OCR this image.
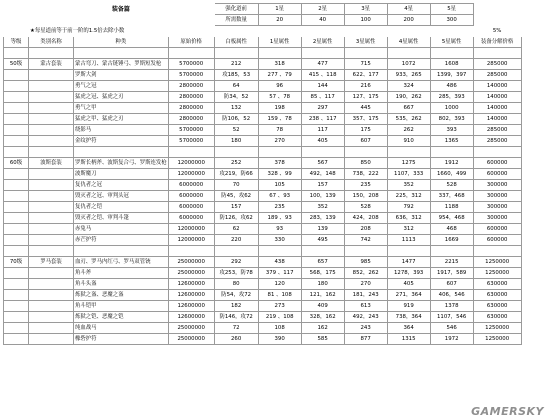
		装备篇		强化道前	1星	2星	3星	4星	5星	
				所需数量	20	40	100	200	300	
	★每星道前等于前一阶的1.5倍去除小数									5%
等级	类别名称	种类	原始价格	白板属性	1星属性	2星属性	3星属性	4星属性	5星属性	装备分解价格

50级	蒙古套装	蒙古弯刀、蒙古链锤弓、罗斯短发枪	5700000	212	318	477	715	1072	1608	285000
		罗斯大剑	5700000	攻185，53	277 、79	415 、118	622、177	933，265	1399，397	285000
		勇气之冠	2800000	64	96	144	216	324	486	140000
		猛虎之冠、猛虎之刃	2800000	防34，52	57 、78	85 、117	127、175	190，262	285，393	140000
		勇气之甲	2800000	132	198	297	445	667	1000	140000
		猛虎之甲、猛虎之刃	2800000	防106，52	159 、78	238 、117	357、175	535，262	802，393	140000
		绕影马	5700000	52	78	117	175	262	393	285000
		金纹护符	5700000	180	270	405	607	910	1365	285000

60级	波斯套装	罗斯长柄斧、波斯复合弓、罗斯连发枪	12000000	252	378	567	850	1275	1912	600000
		波斯魔刀	12000000	攻219，防66	328 、99	492，148	738，222	1107，333	1660，499	600000
		复仇者之冠	6000000	70	105	157	235	352	528	300000
		毁灭者之冠、审判头冠	6000000	防45，攻62	67 、93	100，139	150，208	225，312	337，468	300000
		复仇者之铠	6000000	157	235	352	528	792	1188	300000
		毁灭者之铠、审判斗篷	6000000	防126，攻62	189 、93	283，139	424，208	636，312	954，468	300000
		赤兔马	12000000	62	93	139	208	312	468	600000
		赤芒护符	12000000	220	330	495	742	1113	1669	600000

70级	罗马套装	血刃、罗马内红弓、罗马双管铳	25000000	292	438	657	985	1477	2215	1250000
		角斗斧	25000000	攻253，防78	379 、117	568，175	852，262	1278，393	1917，589	1250000
		角斗头盔	12600000	80	120	180	270	405	607	630000
		炼狱之盔、恶魔之盔	12600000	防54，攻72	81 、108	121，162	181，243	271，364	406，546	630000
		角斗铠甲	12600000	182	273	409	613	919	1378	630000
		炼狱之铠、恶魔之铠	12600000	防146，攻72	219 、108	328，162	492，243	738，364	1107，546	630000
		纯血战马	25000000	72	108	162	243	364	546	1250000
		橡砦护符	25000000	260	390	585	877	1315	1972	1250000
GAMERSKY
